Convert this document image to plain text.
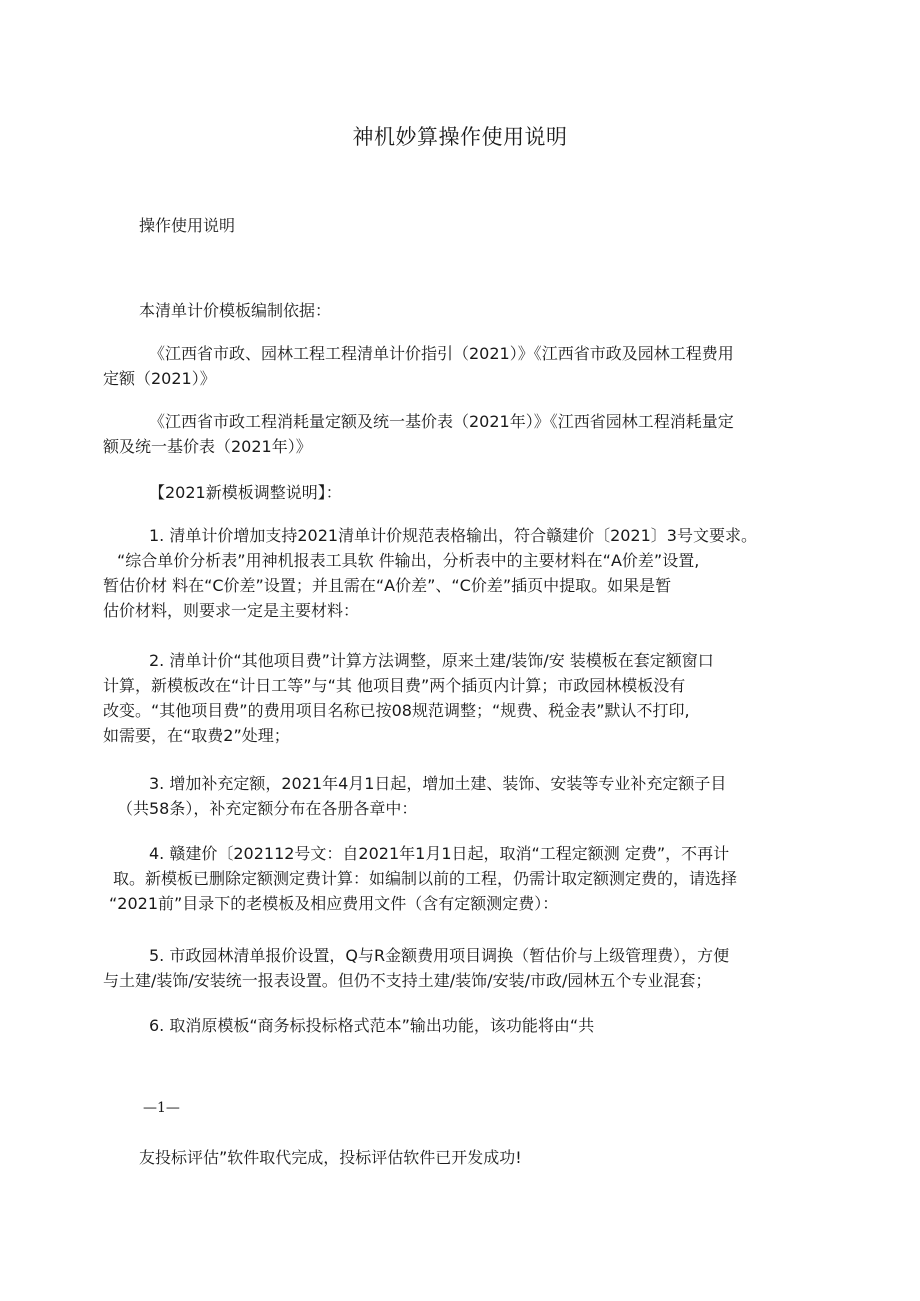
神机妙算操作使用说明
操作使用说明
本清单计价模板编制依据：
《江西省市政、园林工程工程清单计价指引（2021）》《江西省市政及园林工程费用
定额（2021）》
《江西省市政工程消耗量定额及统一基价表（2021年）》《江西省园林工程消耗量定
额及统一基价表（2021年）》
【2021新模板调整说明】：
1. 清单计价增加支持2021清单计价规范表格输出，符合赣建价〔2021〕3号文要求。
“综合单价分析表”用神机报表工具软 件输出，分析表中的主要材料在“A价差”设置,
暂估价材 料在“C价差”设置；并且需在“A价差”、“C价差”插页中提取。如果是暂
估价材料，则要求一定是主要材料：
2. 清单计价“其他项目费”计算方法调整，原来土建/装饰/安 装模板在套定额窗口
计算，新模板改在“计日工等”与“其 他项目费”两个插页内计算；市政园林模板没有
改变。“其他项目费”的费用项目名称已按08规范调整；“规费、税金表”默认不打印,
如需要，在“取费2”处理；
3. 增加补充定额，2021年4月1日起，增加土建、装饰、安装等专业补充定额子目
（共58条），补充定额分布在各册各章中：
4. 赣建价〔202112号文：自2021年1月1日起，取消“工程定额测 定费”，不再计
取。新模板已删除定额测定费计算：如编制以前的工程，仍需计取定额测定费的，请选择
“2021前”目录下的老模板及相应费用文件（含有定额测定费）：
5. 市政园林清单报价设置，Q与R金额费用项目调换（暂估价与上级管理费），方便
与土建/装饰/安装统一报表设置。但仍不支持土建/装饰/安装/市政/园林五个专业混套；
6. 取消原模板“商务标投标格式范本”输出功能，该功能将由“共
—1—
友投标评估”软件取代完成，投标评估软件已开发成功!
